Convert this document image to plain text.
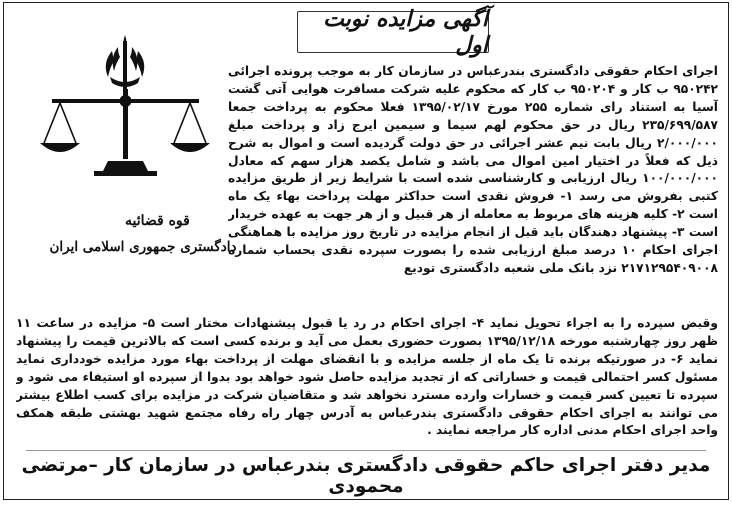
آگهی مزایده نوبت اول
قوه قضائیه
دادگستری جمهوری اسلامی ایران

اجرای احکام حقوقی دادگستری بندرعباس در سازمان کار به موجب پرونده اجرائی ۹۵۰۲۴۲ ب کار و ۹۵۰۲۰۴ ب کار که محکوم علیه شرکت مسافرت هوایی آتی گشت آسیا به استناد رای شماره ۲۵۵ مورخ ۱۳۹۵/۰۲/۱۷ فعلا محکوم به پرداخت جمعا ۲۳۵/۶۹۹/۵۸۷ ریال در حق محکوم لهم سیما و سیمین ایرج زاد و پرداخت مبلغ ۲/۰۰۰/۰۰۰ ریال بابت نیم عشر اجرائی در حق دولت گردیده است و اموال به شرح ذیل که فعلاً در اختیار امین اموال می باشد و شامل یکصد هزار سهم که معادل ۱۰۰/۰۰۰/۰۰۰ ریال ارزیابی و کارشناسی شده است با شرایط زیر از طریق مزایده کتبی بفروش می رسد ۱- فروش نقدی است حداکثر مهلت پرداخت بهاء یک ماه است ۲- کلیه هزینه های مربوط به معامله از هر قبیل و از هر جهت به عهده خریدار است ۳- پیشنهاد دهندگان باید قبل از انجام مزایده در تاریخ روز مزایده با هماهنگی اجرای احکام ۱۰ درصد مبلغ ارزیابی شده را بصورت سپرده نقدی بحساب شماره ۲۱۷۱۲۹۵۴۰۹۰۰۸ نزد بانک ملی شعبه دادگستری تودیع

وقبض سپرده را به اجراء تحویل نماید ۴- اجرای احکام در رد یا قبول پیشنهادات مختار است ۵- مزایده در ساعت ۱۱ ظهر روز چهارشنبه مورخه ۱۳۹۵/۱۲/۱۸ بصورت حضوری بعمل می آید و برنده کسی است که بالاترین قیمت را پیشنهاد نماید ۶- در صورتیکه برنده تا یک ماه از جلسه مزایده و با انقضای مهلت از پرداخت بهاء مورد مزایده خودداری نماید مسئول کسر احتمالی قیمت و خساراتی که از تجدید مزایده حاصل شود خواهد بود بدوا از سپرده او استیفاء می شود و سپرده تا تعیین کسر قیمت و خسارات وارده مسترد نخواهد شد و متقاضیان شرکت در مزایده برای کسب اطلاع بیشتر می توانند به اجرای احکام حقوقی دادگستری بندرعباس به آدرس چهار راه رفاه مجتمع شهید بهشتی طبقه همکف واحد اجرای احکام مدنی اداره کار مراجعه نمایند .

مدیر دفتر اجرای حاکم حقوقی دادگستری بندرعباس در سازمان کار –مرتضی محمودی
